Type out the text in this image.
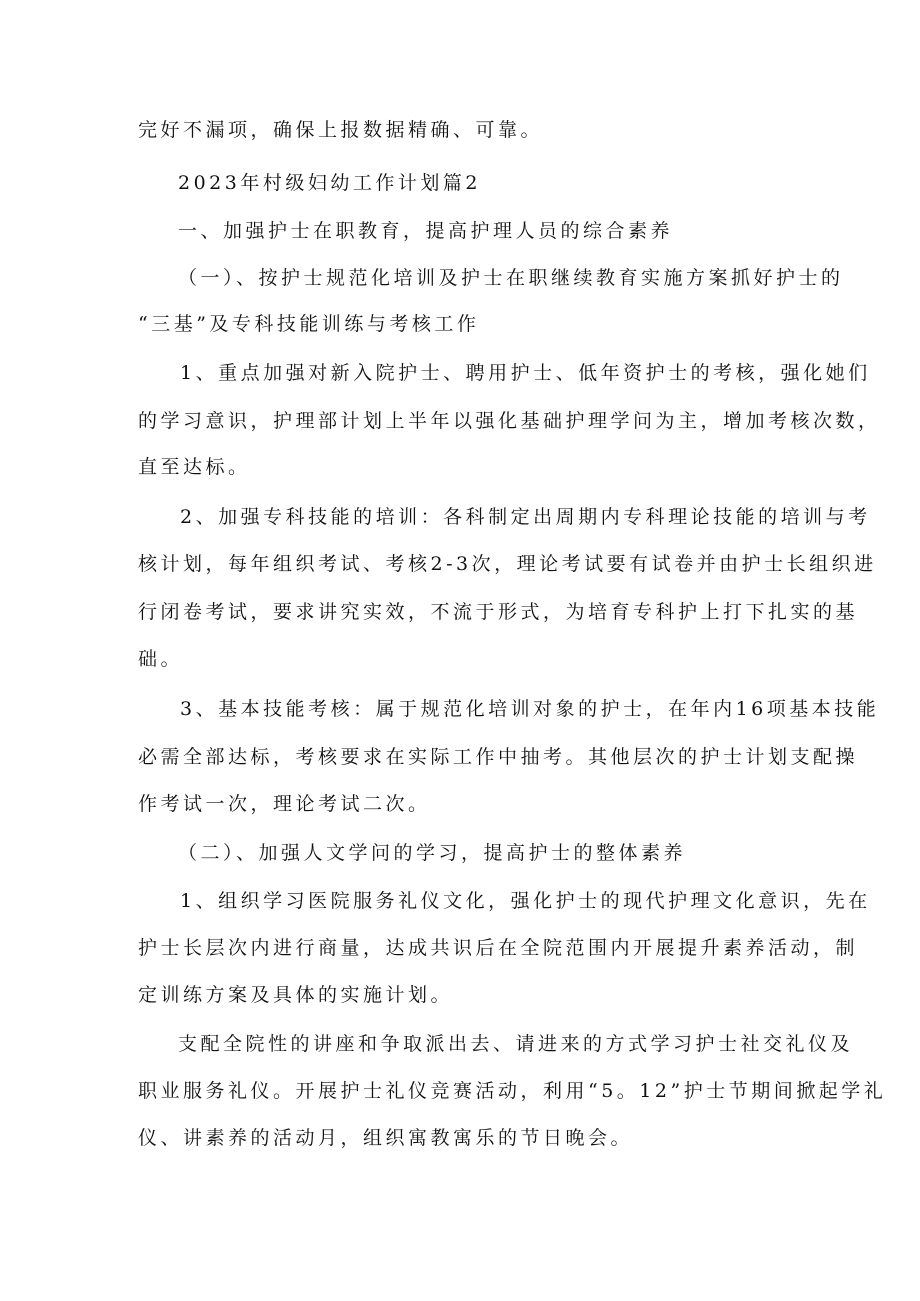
完好不漏项，确保上报数据精确、可靠。
2023年村级妇幼工作计划篇2
一、加强护士在职教育，提高护理人员的综合素养
（一）、按护士规范化培训及护士在职继续教育实施方案抓好护士的
“三基”及专科技能训练与考核工作
1、重点加强对新入院护士、聘用护士、低年资护士的考核，强化她们
的学习意识，护理部计划上半年以强化基础护理学问为主，增加考核次数，
直至达标。
2、加强专科技能的培训：各科制定出周期内专科理论技能的培训与考
核计划，每年组织考试、考核2-3次，理论考试要有试卷并由护士长组织进
行闭卷考试，要求讲究实效，不流于形式，为培育专科护上打下扎实的基
础。
3、基本技能考核：属于规范化培训对象的护士，在年内16项基本技能
必需全部达标，考核要求在实际工作中抽考。其他层次的护士计划支配操
作考试一次，理论考试二次。
（二）、加强人文学问的学习，提高护士的整体素养
1、组织学习医院服务礼仪文化，强化护士的现代护理文化意识，先在
护士长层次内进行商量，达成共识后在全院范围内开展提升素养活动，制
定训练方案及具体的实施计划。
支配全院性的讲座和争取派出去、请进来的方式学习护士社交礼仪及
职业服务礼仪。开展护士礼仪竞赛活动，利用“5。12”护士节期间掀起学礼
仪、讲素养的活动月，组织寓教寓乐的节日晚会。
